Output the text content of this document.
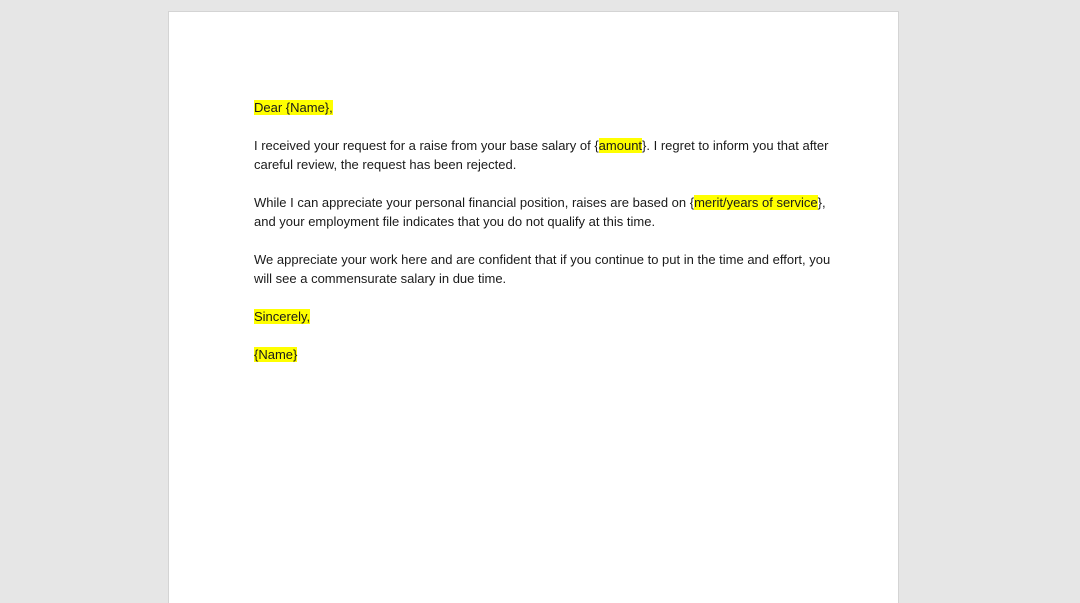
Dear {Name},

I received your request for a raise from your base salary of {amount}. I regret to inform you that after careful review, the request has been rejected.

While I can appreciate your personal financial position, raises are based on {merit/years of service}, and your employment file indicates that you do not qualify at this time.

We appreciate your work here and are confident that if you continue to put in the time and effort, you will see a commensurate salary in due time.

Sincerely,

{Name}
